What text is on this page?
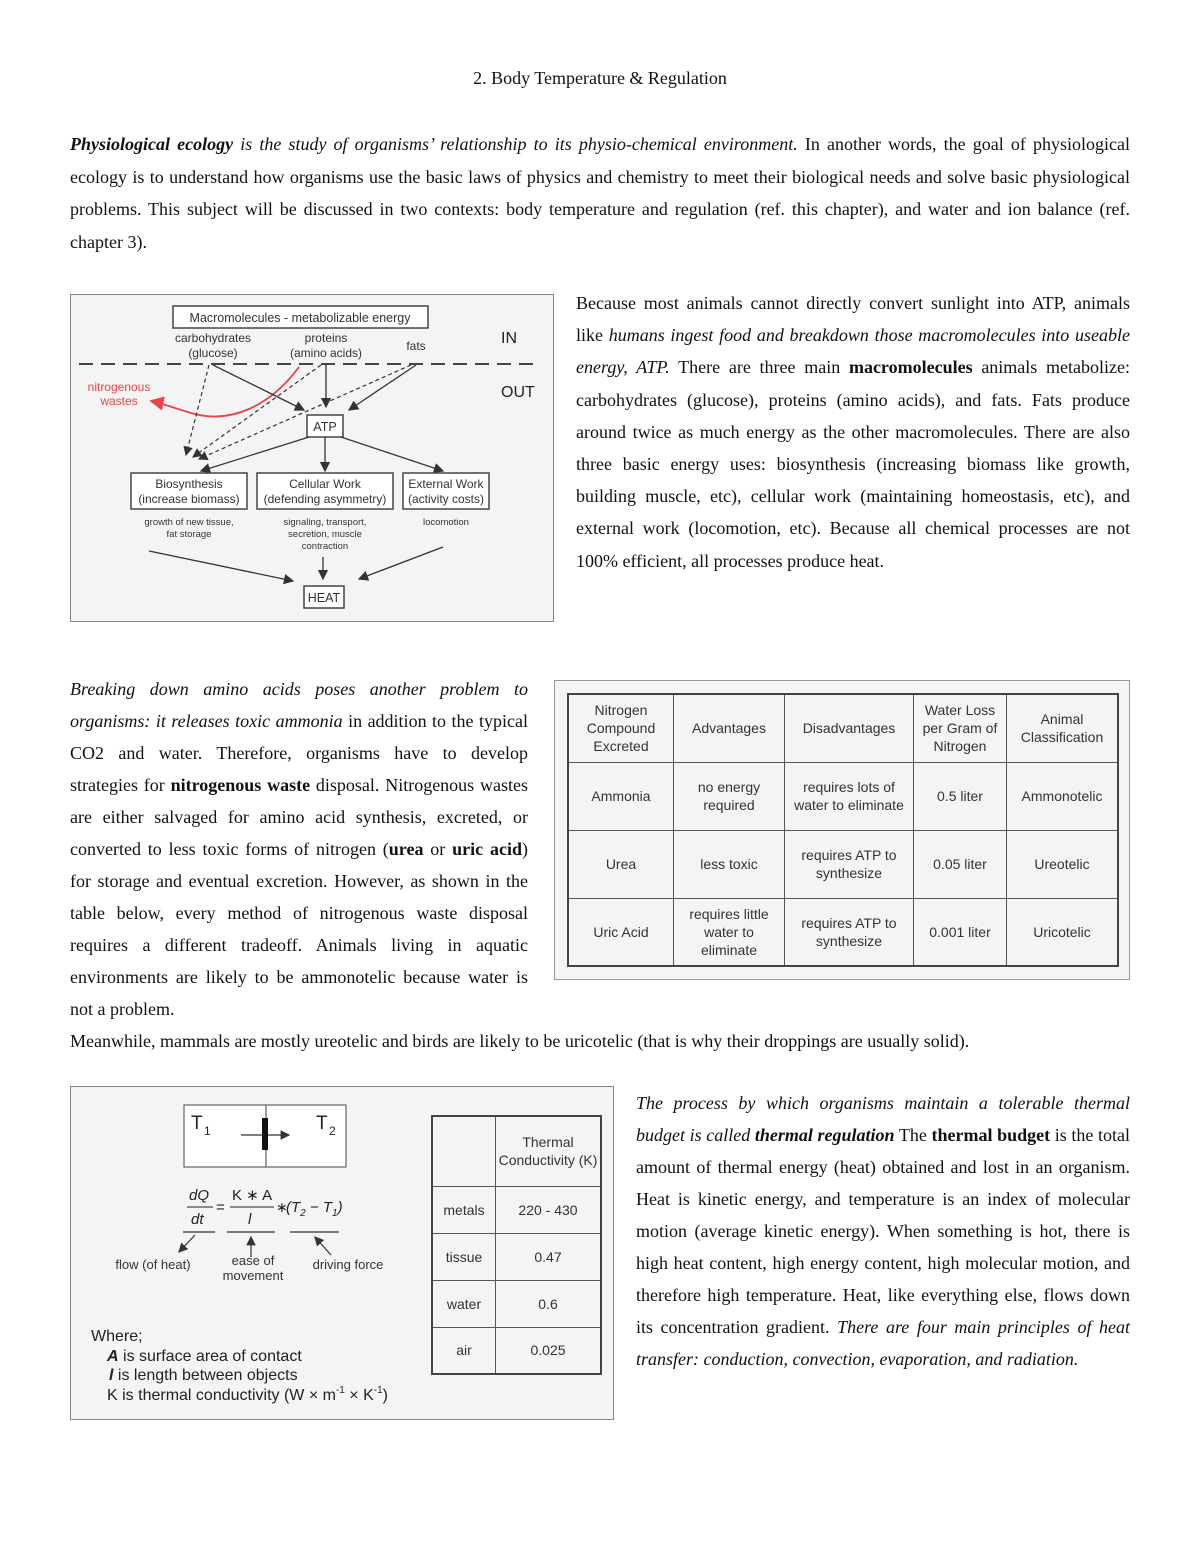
2. Body Temperature & Regulation

Physiological ecology is the study of organisms’ relationship to its physio-chemical environment. In another words, the goal of physiological ecology is to understand how organisms use the basic laws of physics and chemistry to meet their biological needs and solve basic physiological problems. This subject will be discussed in two contexts: body temperature and regulation (ref. this chapter), and water and ion balance (ref. chapter 3).

Macromolecules - metabolizable energy
carbohydrates
(glucose)
proteins
(amino acids)	fats	IN
OUT
nitrogenous
wastes
ATP
Biosynthesis
(increase biomass)
Cellular Work
(defending asymmetry)
External Work
(activity costs)
growth of new tissue,
fat storage
signaling, transport,
secretion, muscle
contraction
locomotion
HEAT

Because most animals cannot directly convert sunlight into ATP, animals like humans ingest food and breakdown those macromolecules into useable energy, ATP. There are three main macromolecules animals metabolize: carbohydrates (glucose), proteins (amino acids), and fats. Fats produce around twice as much energy as the other macromolecules. There are also three basic energy uses: biosynthesis (increasing biomass like growth, building muscle, etc), cellular work (maintaining homeostasis, etc), and external work (locomotion, etc). Because all chemical processes are not 100% efficient, all processes produce heat.

Breaking down amino acids poses another problem to organisms: it releases toxic ammonia in addition to the typical CO2 and water. Therefore, organisms have to develop strategies for nitrogenous waste disposal. Nitrogenous wastes are either salvaged for amino acid synthesis, excreted, or converted to less toxic forms of nitrogen (urea or uric acid) for storage and eventual excretion. However, as shown in the table below, every method of nitrogenous waste disposal requires a different tradeoff. Animals living in aquatic environments are likely to be ammonotelic because water is not a problem.

Meanwhile, mammals are mostly ureotelic and birds are likely to be uricotelic (that is why their droppings are usually solid).

Nitrogen Compound Excreted	Advantages	Disadvantages	Water Loss per Gram of Nitrogen	Animal Classification
Ammonia	no energy required	requires lots of water to eliminate	0.5 liter	Ammonotelic
Urea	less toxic	requires ATP to synthesize	0.05 liter	Ureotelic
Uric Acid	requires little water to eliminate	requires ATP to synthesize	0.001 liter	Uricotelic
T 1	T 2
dQ
dt
=
K ∗ A
l
∗
$(T_2 - T_1)$
flow (of heat)	ease of
movement
driving force
Where;
A is surface area of contact
l is length between objects
K is thermal conductivity $(W \times m^{-1} \times K^{-1})$
	Thermal Conductivity (K)
metals	220 - 430
tissue	0.47
water	0.6
air	0.025

The process by which organisms maintain a tolerable thermal budget is called thermal regulation The thermal budget is the total amount of thermal energy (heat) obtained and lost in an organism. Heat is kinetic energy, and temperature is an index of molecular motion (average kinetic energy). When something is hot, there is high heat content, high energy content, high molecular motion, and therefore high temperature. Heat, like everything else, flows down its concentration gradient. There are four main principles of heat transfer: conduction, convection, evaporation, and radiation.
